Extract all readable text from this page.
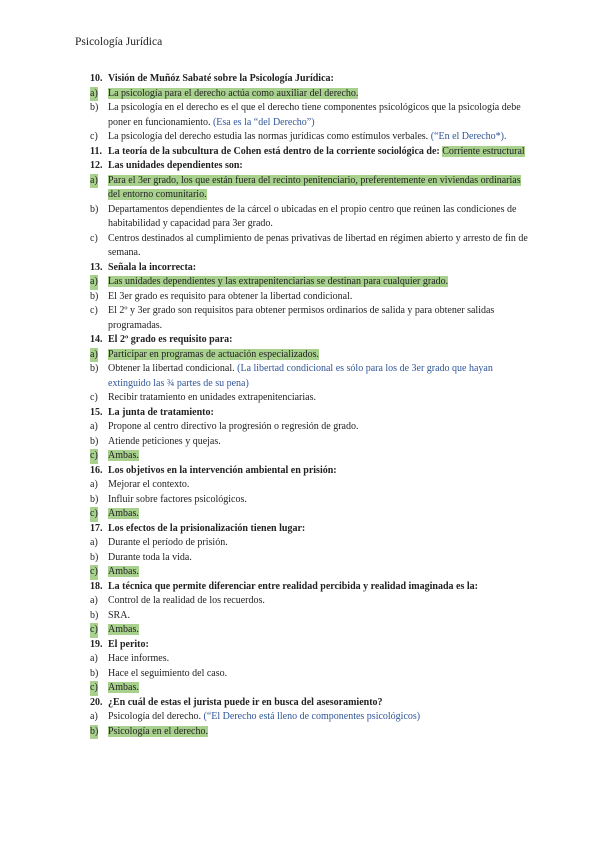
Psicología Jurídica
10. Visión de Muñóz Sabaté sobre la Psicología Jurídica:
a) La psicología para el derecho actúa como auxiliar del derecho.
b) La psicología en el derecho es el que el derecho tiene componentes psicológicos que la psicología debe poner en funcionamiento. (Esa es la “del Derecho”)
c) La psicología del derecho estudia las normas jurídicas como estímulos verbales. (“En el Derecho*).
11. La teoría de la subcultura de Cohen está dentro de la corriente sociológica de: Corriente estructural
12. Las unidades dependientes son:
a) Para el 3er grado, los que están fuera del recinto penitenciario, preferentemente en viviendas ordinarias del entorno comunitario.
b) Departamentos dependientes de la cárcel o ubicadas en el propio centro que reúnen las condiciones de habitabilidad y capacidad para 3er grado.
c) Centros destinados al cumplimiento de penas privativas de libertad en régimen abierto y arresto de fin de semana.
13. Señala la incorrecta:
a) Las unidades dependientes y las extrapenitenciarias se destinan para cualquier grado.
b) El 3er grado es requisito para obtener la libertad condicional.
c) El 2º y 3er grado son requisitos para obtener permisos ordinarios de salida y para obtener salidas programadas.
14. El 2º grado es requisito para:
a) Participar en programas de actuación especializados.
b) Obtener la libertad condicional. (La libertad condicional es sólo para los de 3er grado que hayan extinguido las ¾ partes de su pena)
c) Recibir tratamiento en unidades extrapenitenciarias.
15. La junta de tratamiento:
a) Propone al centro directivo la progresión o regresión de grado.
b) Atiende peticiones y quejas.
c) Ambas.
16. Los objetivos en la intervención ambiental en prisión:
a) Mejorar el contexto.
b) Influir sobre factores psicológicos.
c) Ambas.
17. Los efectos de la prisionalización tienen lugar:
a) Durante el período de prisión.
b) Durante toda la vida.
c) Ambas.
18. La técnica que permite diferenciar entre realidad percibida y realidad imaginada es la:
a) Control de la realidad de los recuerdos.
b) SRA.
c) Ambas.
19. El perito:
a) Hace informes.
b) Hace el seguimiento del caso.
c) Ambas.
20. ¿En cuál de estas el jurista puede ir en busca del asesoramiento?
a) Psicología del derecho. (“El Derecho está lleno de componentes psicológicos)
b) Psicología en el derecho.
